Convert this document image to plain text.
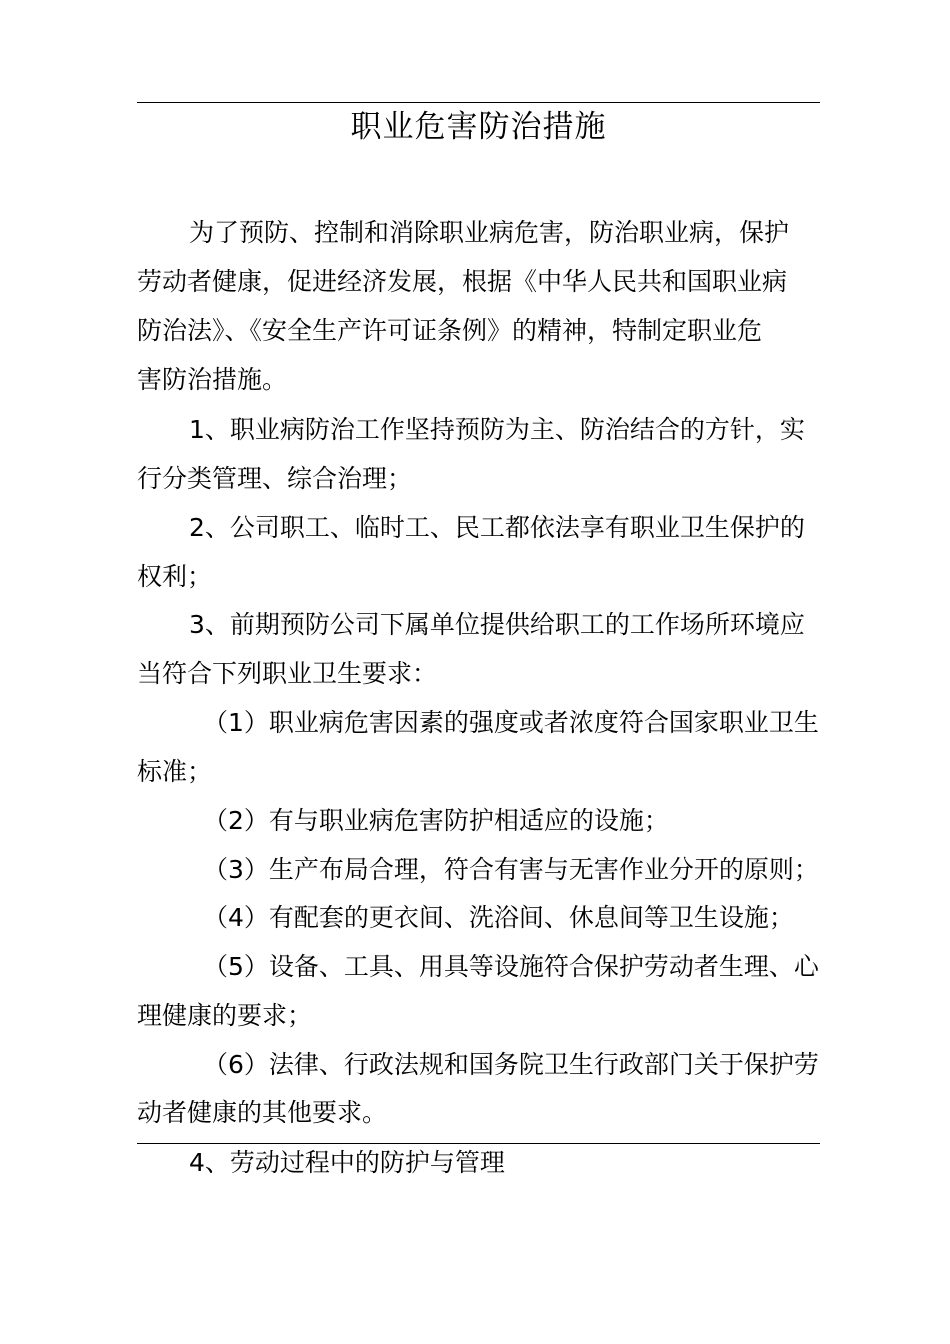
职业危害防治措施
为了预防、控制和消除职业病危害，防治职业病，保护
劳动者健康，促进经济发展，根据《中华人民共和国职业病
防治法》、《安全生产许可证条例》的精神，特制定职业危
害防治措施。
1、职业病防治工作坚持预防为主、防治结合的方针，实
行分类管理、综合治理；
2、公司职工、临时工、民工都依法享有职业卫生保护的
权利；
3、前期预防公司下属单位提供给职工的工作场所环境应
当符合下列职业卫生要求：
（1）职业病危害因素的强度或者浓度符合国家职业卫生
标准；
（2）有与职业病危害防护相适应的设施；
（3）生产布局合理，符合有害与无害作业分开的原则；
（4）有配套的更衣间、洗浴间、休息间等卫生设施；
（5）设备、工具、用具等设施符合保护劳动者生理、心
理健康的要求；
（6）法律、行政法规和国务院卫生行政部门关于保护劳
动者健康的其他要求。
4、劳动过程中的防护与管理
